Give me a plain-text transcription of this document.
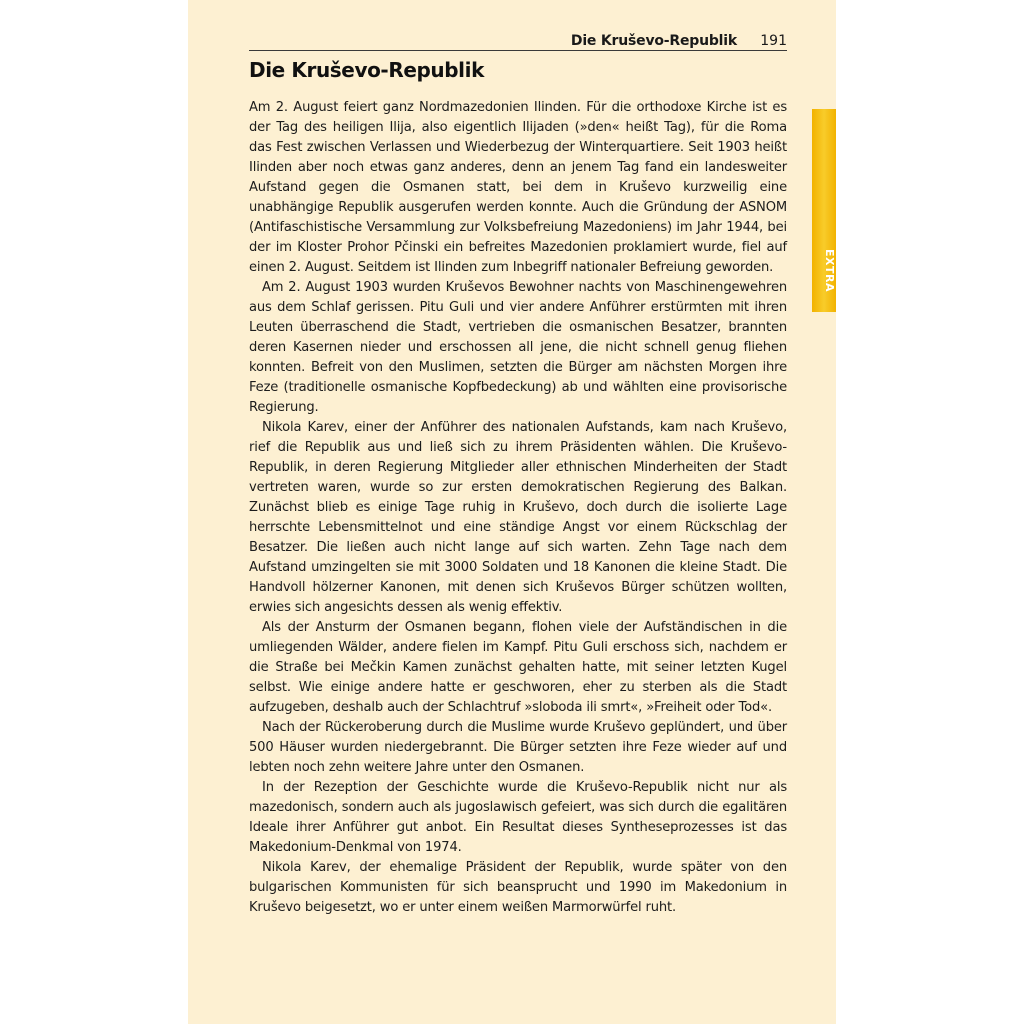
Die Kruševo-Republik 191
Die Kruševo-Republik

Am 2. August feiert ganz Nordmazedonien Ilinden. Für die orthodoxe Kirche ist es der Tag des heiligen Ilija, also eigentlich Ilijaden (»den« heißt Tag), für die Roma das Fest zwischen Verlassen und Wiederbezug der Winterquartiere. Seit 1903 heißt Ilinden aber noch etwas ganz anderes, denn an jenem Tag fand ein landesweiter Aufstand gegen die Osmanen statt, bei dem in Kruševo kurzweilig eine unabhängige Republik ausgerufen werden konnte. Auch die Gründung der ASNOM (Antifaschistische Versammlung zur Volksbefreiung Mazedoniens) im Jahr 1944, bei der im Kloster Prohor Pčinski ein befreites Mazedonien proklamiert wurde, fiel auf einen 2. August. Seitdem ist Ilinden zum Inbegriff nationaler Befreiung geworden.

Am 2. August 1903 wurden Kruševos Bewohner nachts von Maschinengewehren aus dem Schlaf gerissen. Pitu Guli und vier andere Anführer erstürmten mit ihren Leuten überraschend die Stadt, vertrieben die osmanischen Besatzer, brannten deren Kasernen nieder und erschossen all jene, die nicht schnell genug fliehen konnten. Befreit von den Muslimen, setzten die Bürger am nächsten Morgen ihre Feze (traditionelle osmanische Kopfbedeckung) ab und wählten eine provisorische Regierung.

Nikola Karev, einer der Anführer des nationalen Aufstands, kam nach Kruševo, rief die Republik aus und ließ sich zu ihrem Präsidenten wählen. Die Kruševo-Republik, in deren Regierung Mitglieder aller ethnischen Minderheiten der Stadt vertreten waren, wurde so zur ersten demokratischen Regierung des Balkan. Zunächst blieb es einige Tage ruhig in Kruševo, doch durch die isolierte Lage herrschte Lebensmittelnot und eine ständige Angst vor einem Rückschlag der Besatzer. Die ließen auch nicht lange auf sich warten. Zehn Tage nach dem Aufstand umzingelten sie mit 3000 Soldaten und 18 Kanonen die kleine Stadt. Die Handvoll hölzerner Kanonen, mit denen sich Kruševos Bürger schützen wollten, erwies sich angesichts dessen als wenig effektiv.

Als der Ansturm der Osmanen begann, flohen viele der Aufständischen in die umliegenden Wälder, andere fielen im Kampf. Pitu Guli erschoss sich, nachdem er die Straße bei Mečkin Kamen zunächst gehalten hatte, mit seiner letzten Kugel selbst. Wie einige andere hatte er geschworen, eher zu sterben als die Stadt aufzugeben, deshalb auch der Schlachtruf »sloboda ili smrt«, »Freiheit oder Tod«.

Nach der Rückeroberung durch die Muslime wurde Kruševo geplündert, und über 500 Häuser wurden niedergebrannt. Die Bürger setzten ihre Feze wieder auf und lebten noch zehn weitere Jahre unter den Osmanen.

In der Rezeption der Geschichte wurde die Kruševo-Republik nicht nur als mazedonisch, sondern auch als jugoslawisch gefeiert, was sich durch die egalitären Ideale ihrer Anführer gut anbot. Ein Resultat dieses Syntheseprozesses ist das Makedonium-Denkmal von 1974.

Nikola Karev, der ehemalige Präsident der Republik, wurde später von den bulgarischen Kommunisten für sich beansprucht und 1990 im Makedonium in Kruševo beigesetzt, wo er unter einem weißen Marmorwürfel ruht.

EXTRA
